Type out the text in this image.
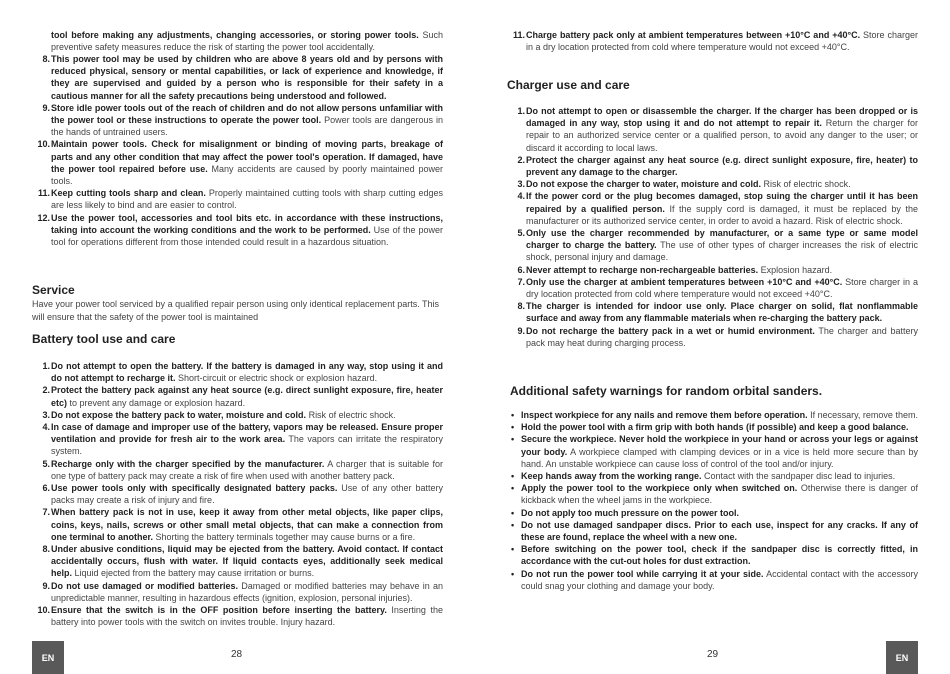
tool before making any adjustments, changing accessories, or storing power tools. Such preventive safety measures reduce the risk of starting the power tool accidentally.
8. This power tool may be used by children who are above 8 years old and by persons with reduced physical, sensory or mental capabilities, or lack of experience and knowledge, if they are supervised and guided by a person who is responsible for their safety in a cautious manner for all the safety precautions being understood and followed.
9. Store idle power tools out of the reach of children and do not allow persons unfamiliar with the power tool or these instructions to operate the power tool. Power tools are dangerous in the hands of untrained users.
10. Maintain power tools. Check for misalignment or binding of moving parts, breakage of parts and any other condition that may affect the power tool's operation. If damaged, have the power tool repaired before use. Many accidents are caused by poorly maintained power tools.
11. Keep cutting tools sharp and clean. Properly maintained cutting tools with sharp cutting edges are less likely to bind and are easier to control.
12. Use the power tool, accessories and tool bits etc. in accordance with these instructions, taking into account the working conditions and the work to be performed. Use of the power tool for operations different from those intended could result in a hazardous situation.
Service
Have your power tool serviced by a qualified repair person using only identical replacement parts. This will ensure that the safety of the power tool is maintained
Battery tool use and care
1. Do not attempt to open the battery. If the battery is damaged in any way, stop using it and do not attempt to recharge it. Short-circuit or electric shock or explosion hazard.
2. Protect the battery pack against any heat source (e.g. direct sunlight exposure, fire, heater etc) to prevent any damage or explosion hazard.
3. Do not expose the battery pack to water, moisture and cold. Risk of electric shock.
4. In case of damage and improper use of the battery, vapors may be released. Ensure proper ventilation and provide for fresh air to the work area. The vapors can irritate the respiratory system.
5. Recharge only with the charger specified by the manufacturer. A charger that is suitable for one type of battery pack may create a risk of fire when used with another battery pack.
6. Use power tools only with specifically designated battery packs. Use of any other battery packs may create a risk of injury and fire.
7. When battery pack is not in use, keep it away from other metal objects, like paper clips, coins, keys, nails, screws or other small metal objects, that can make a connection from one terminal to another. Shorting the battery terminals together may cause burns or a fire.
8. Under abusive conditions, liquid may be ejected from the battery. Avoid contact. If contact accidentally occurs, flush with water. If liquid contacts eyes, additionally seek medical help. Liquid ejected from the battery may cause irritation or burns.
9. Do not use damaged or modified batteries. Damaged or modified batteries may behave in an unpredictable manner, resulting in hazardous effects (ignition, explosion, personal injuries).
10. Ensure that the switch is in the OFF position before inserting the battery. Inserting the battery into power tools with the switch on invites trouble. Injury hazard.
EN	28
11. Charge battery pack only at ambient temperatures between +10°C and +40°C. Store charger in a dry location protected from cold where temperature would not exceed +40°C.
Charger use and care
1. Do not attempt to open or disassemble the charger. If the charger has been dropped or is damaged in any way, stop using it and do not attempt to repair it. Return the charger for repair to an authorized service center or a qualified person, to avoid any danger to the user; or discard it according to local laws.
2. Protect the charger against any heat source (e.g. direct sunlight exposure, fire, heater) to prevent any damage to the charger.
3. Do not expose the charger to water, moisture and cold. Risk of electric shock.
4. If the power cord or the plug becomes damaged, stop suing the charger until it has been repaired by a qualified person. If the supply cord is damaged, it must be replaced by the manufacturer or its authorized service center, in order to avoid a hazard. Risk of electric shock.
5. Only use the charger recommended by manufacturer, or a same type or same model charger to charge the battery. The use of other types of charger increases the risk of electric shock, personal injury and damage.
6. Never attempt to recharge non-rechargeable batteries. Explosion hazard.
7. Only use the charger at ambient temperatures between +10°C and +40°C. Store charger in a dry location protected from cold where temperature would not exceed +40°C.
8. The charger is intended for indoor use only. Place charger on solid, flat nonflammable surface and away from any flammable materials when re-charging the battery pack.
9. Do not recharge the battery pack in a wet or humid environment. The charger and battery pack may heat during charging process.
Additional safety warnings for random orbital sanders.
• Inspect workpiece for any nails and remove them before operation. If necessary, remove them.
• Hold the power tool with a firm grip with both hands (if possible) and keep a good balance.
• Secure the workpiece. Never hold the workpiece in your hand or across your legs or against your body. A workpiece clamped with clamping devices or in a vice is held more secure than by hand. An unstable workpiece can cause loss of control of the tool and/or injury.
• Keep hands away from the working range. Contact with the sandpaper disc lead to injuries.
• Apply the power tool to the workpiece only when switched on. Otherwise there is danger of kickback when the wheel jams in the workpiece.
• Do not apply too much pressure on the power tool.
• Do not use damaged sandpaper discs. Prior to each use, inspect for any cracks. If any of these are found, replace the wheel with a new one.
• Before switching on the power tool, check if the sandpaper disc is correctly fitted, in accordance with the cut-out holes for dust extraction.
• Do not run the power tool while carrying it at your side. Accidental contact with the accessory could snag your clothing and damage your body.
29	EN
